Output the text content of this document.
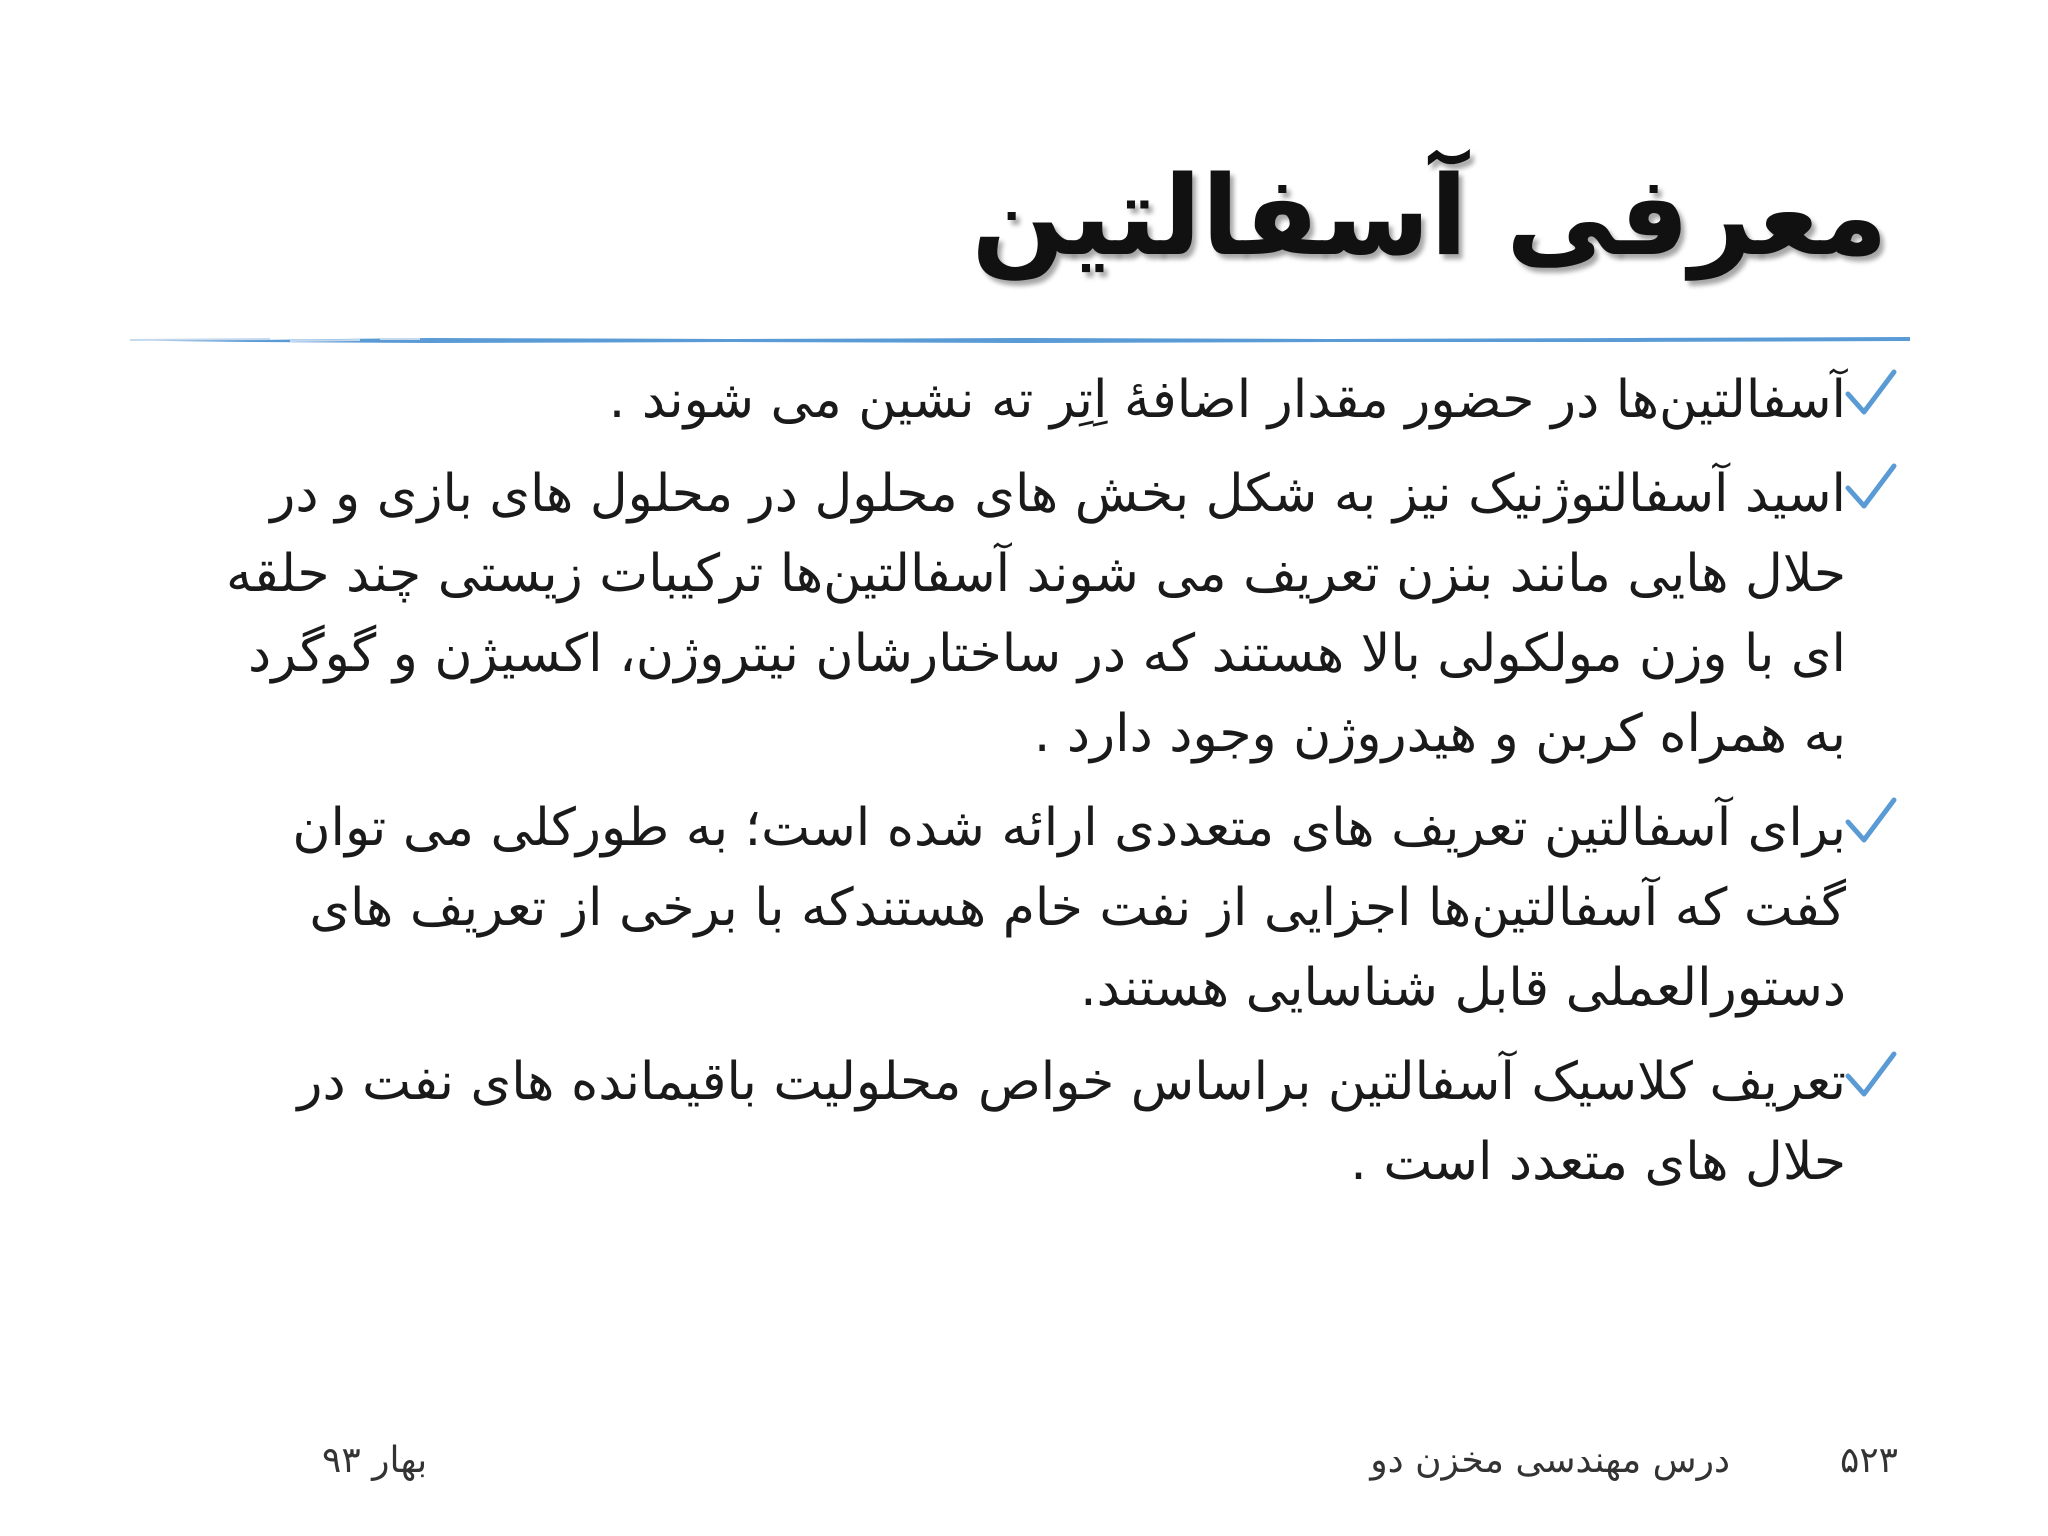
معرفی آسفالتین
آسفالتین‌ها در حضور مقدار اضافۀ اِتِر ته نشین می شوند .
اسید آسفالتوژنیک نیز به شکل بخش های محلول در محلول های بازی و در حلال هایی مانند بنزن تعریف می شوند آسفالتین‌ها ترکیبات زیستی چند حلقه ای با وزن مولکولی بالا هستند که در ساختارشان نیتروژن، اکسیژن و گوگرد به همراه کربن و هیدروژن وجود دارد .
برای آسفالتین تعریف های متعددی ارائه شده است؛ به طورکلی می توان گفت که آسفالتین‌ها اجزایی از نفت خام هستندکه با برخی از تعریف های دستورالعملی قابل شناسایی هستند.
تعریف کلاسیک آسفالتین براساس خواص محلولیت باقیمانده های نفت در حلال های متعدد است .
۵۲۳
درس مهندسی مخزن دو
بهار ۹۳
